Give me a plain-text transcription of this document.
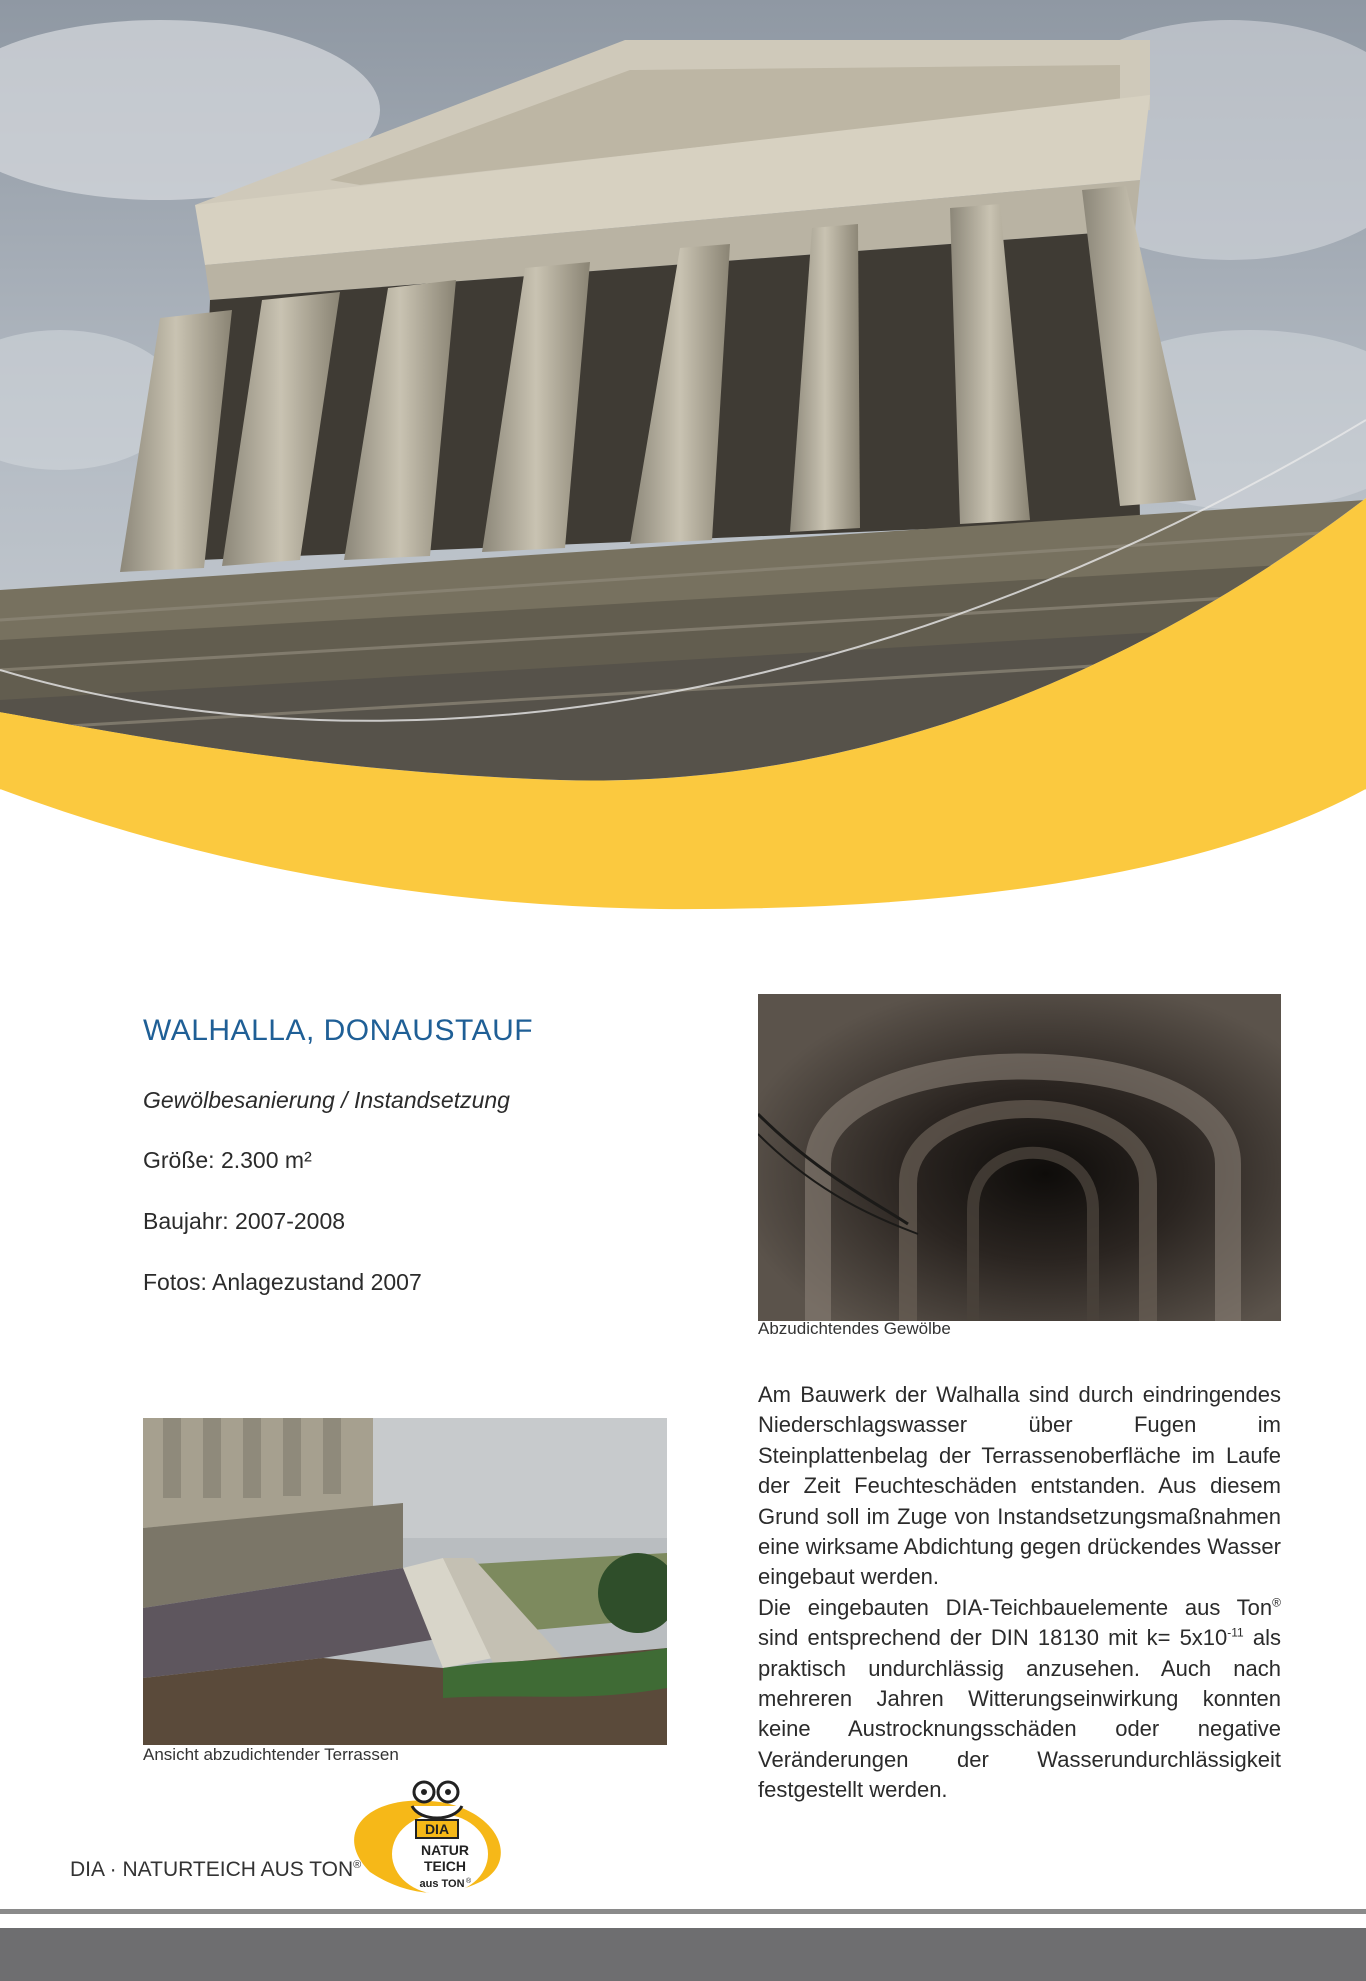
WALHALLA, DONAUSTAUF

Gewölbesanierung / Instandsetzung

Größe: 2.300 m²

Baujahr: 2007-2008

Fotos: Anlagezustand 2007

Abzudichtendes Gewölbe

Ansicht abzudichtender Terrassen

Am Bauwerk der Walhalla sind durch eindringendes Niederschlagswasser über Fugen im Steinplattenbelag der Terrassenoberfläche im Laufe der Zeit Feuchteschäden entstanden. Aus diesem Grund soll im Zuge von Instandsetzungsmaßnahmen eine wirksame Abdichtung gegen drückendes Wasser eingebaut werden.

Die eingebauten DIA-Teichbauelemente aus Ton® sind entsprechend der DIN 18130 mit $k= 5x10^{-11}$ als praktisch undurchlässig anzusehen. Auch nach mehreren Jahren Witterungseinwirkung konnten keine Austrocknungsschäden oder negative Veränderungen der Wasserundurchlässigkeit festgestellt werden.

DIA · NATURTEICH AUS TON®
DIA
NATUR
TEICH
aus TON ®
